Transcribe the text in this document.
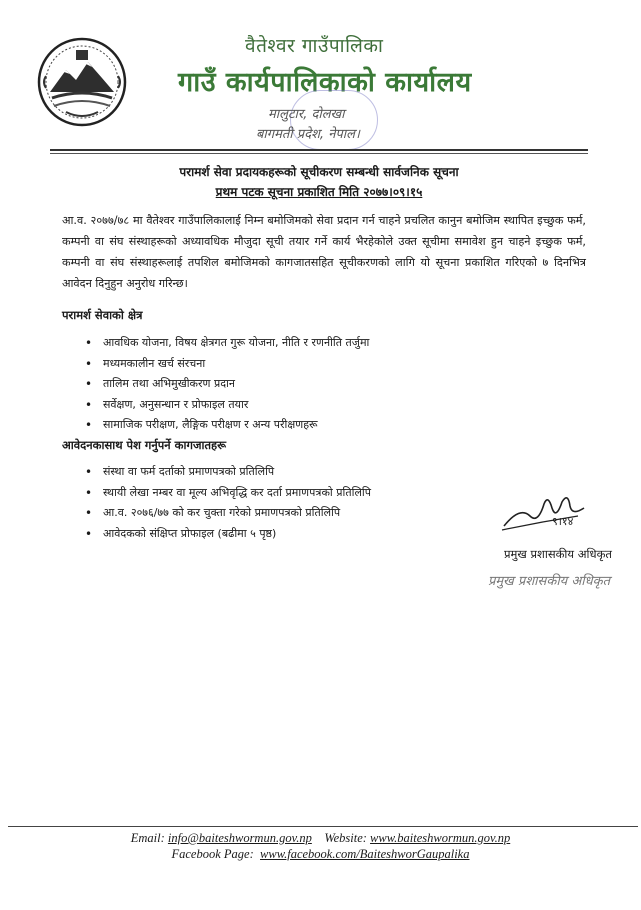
वैतेश्वर गाउँपालिका
गाउँ कार्यपालिकाको कार्यालय
मालुटार, दोलखा
बागमती प्रदेश, नेपाल।
परामर्श सेवा प्रदायकहरूको सूचीकरण सम्बन्धी सार्वजनिक सूचना
प्रथम पटक सूचना प्रकाशित मिति २०७७।०९।१५
आ.व. २०७७/७८ मा वैतेश्वर गाउँपालिकालाई निम्न बमोजिमको सेवा प्रदान गर्न चाहने प्रचलित कानुन बमोजिम स्थापित इच्छुक फर्म, कम्पनी वा संघ संस्थाहरूको अध्यावधिक मौजुदा सूची तयार गर्ने कार्य भैरहेकोले उक्त सूचीमा समावेश हुन चाहने इच्छुक फर्म, कम्पनी वा संघ संस्थाहरूलाई तपशिल बमोजिमको कागजातसहित सूचीकरणको लागि यो सूचना प्रकाशित गरिएको ७ दिनभित्र आवेदन दिनुहुन अनुरोध गरिन्छ।
परामर्श सेवाको क्षेत्र
• आवधिक योजना, विषय क्षेत्रगत गुरू योजना, नीति र रणनीति तर्जुमा
• मध्यमकालीन खर्च संरचना
• तालिम तथा अभिमुखीकरण प्रदान
• सर्वेक्षण, अनुसन्धान र प्रोफाइल तयार
• सामाजिक परीक्षण, लैङ्गिक परीक्षण र अन्य परीक्षणहरू
आवेदनकासाथ पेश गर्नुपर्ने कागजातहरू
• संस्था वा फर्म दर्ताको प्रमाणपत्रको प्रतिलिपि
• स्थायी लेखा नम्बर वा मूल्य अभिवृद्धि कर दर्ता प्रमाणपत्रको प्रतिलिपि
• आ.व. २०७६/७७ को कर चुक्ता गरेको प्रमाणपत्रको प्रतिलिपि
• आवेदकको संक्षिप्त प्रोफाइल (बढीमा ५ पृष्ठ)
९।१४
प्रमुख प्रशासकीय अधिकृत
प्रमुख प्रशासकीय अधिकृत
Email: info@baiteshwormun.gov.np Website: www.baiteshwormun.gov.np
Facebook Page: www.facebook.com/BaiteshworGaupalika
